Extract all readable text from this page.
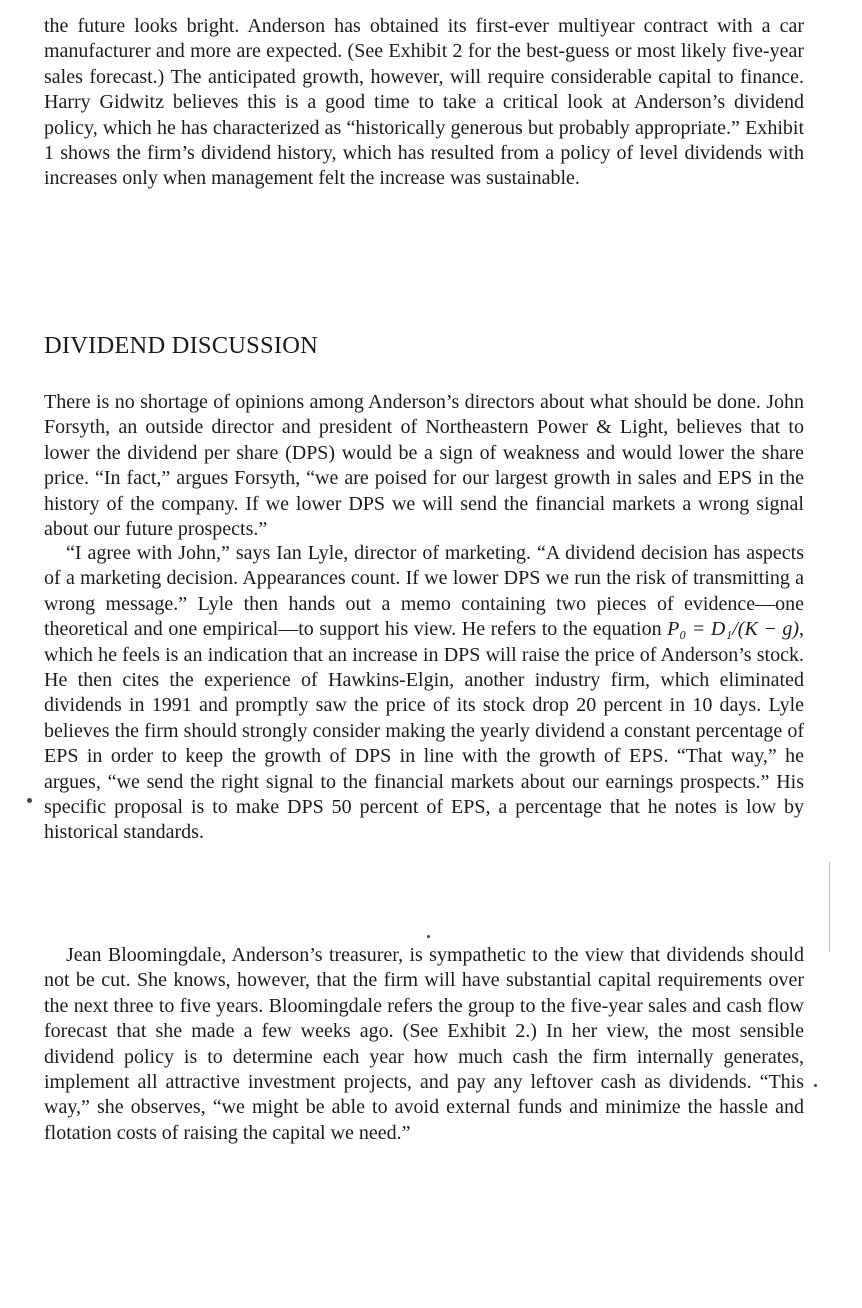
the future looks bright. Anderson has obtained its first-ever multiyear contract with a car manufacturer and more are expected. (See Exhibit 2 for the best-guess or most likely five-year sales forecast.) The anticipated growth, however, will require considerable capital to finance. Harry Gidwitz believes this is a good time to take a critical look at Anderson’s dividend policy, which he has characterized as “historically generous but probably appropriate.” Exhibit 1 shows the firm’s dividend history, which has resulted from a policy of level dividends with increases only when management felt the increase was sustainable.

DIVIDEND DISCUSSION

There is no shortage of opinions among Anderson’s directors about what should be done. John Forsyth, an outside director and president of Northeastern Power & Light, believes that to lower the dividend per share (DPS) would be a sign of weakness and would lower the share price. “In fact,” argues Forsyth, “we are poised for our largest growth in sales and EPS in the history of the company. If we lower DPS we will send the financial markets a wrong signal about our future prospects.”

“I agree with John,” says Ian Lyle, director of marketing. “A dividend decision has aspects of a marketing decision. Appearances count. If we lower DPS we run the risk of transmitting a wrong message.” Lyle then hands out a memo containing two pieces of evidence—one theoretical and one empirical—to support his view. He refers to the equation P₀ = D₁/(K − g), which he feels is an indication that an increase in DPS will raise the price of Anderson’s stock. He then cites the experience of Hawkins-Elgin, another industry firm, which eliminated dividends in 1991 and promptly saw the price of its stock drop 20 percent in 10 days. Lyle believes the firm should strongly consider making the yearly dividend a constant percentage of EPS in order to keep the growth of DPS in line with the growth of EPS. “That way,” he argues, “we send the right signal to the financial markets about our earnings prospects.” His specific proposal is to make DPS 50 percent of EPS, a percentage that he notes is low by historical standards.

Jean Bloomingdale, Anderson’s treasurer, is sympathetic to the view that dividends should not be cut. She knows, however, that the firm will have substantial capital requirements over the next three to five years. Bloomingdale refers the group to the five-year sales and cash flow forecast that she made a few weeks ago. (See Exhibit 2.) In her view, the most sensible dividend policy is to determine each year how much cash the firm internally generates, implement all attractive investment projects, and pay any leftover cash as dividends. “This way,” she observes, “we might be able to avoid external funds and minimize the hassle and flotation costs of raising the capital we need.”
